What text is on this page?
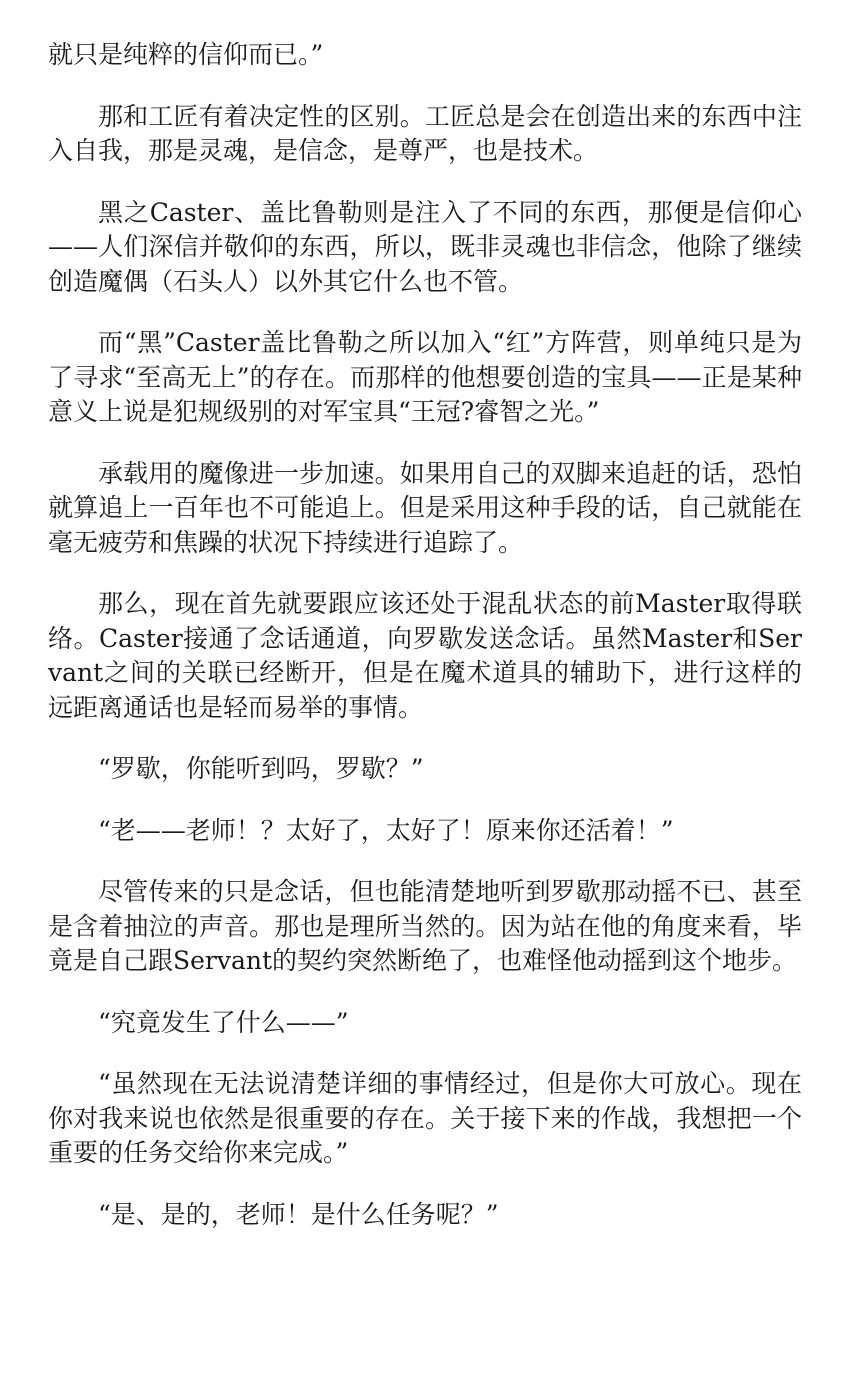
就只是纯粹的信仰而已。”

那和工匠有着决定性的区别。工匠总是会在创造出来的东西中注入自我，那是灵魂，是信念，是尊严，也是技术。

黑之Caster、盖比鲁勒则是注入了不同的东西，那便是信仰心——人们深信并敬仰的东西，所以，既非灵魂也非信念，他除了继续创造魔偶（石头人）以外其它什么也不管。

而“黑”Caster盖比鲁勒之所以加入“红”方阵营，则单纯只是为了寻求“至高无上”的存在。而那样的他想要创造的宝具——正是某种意义上说是犯规级别的对军宝具“王冠?睿智之光。”

承载用的魔像进一步加速。如果用自己的双脚来追赶的话，恐怕就算追上一百年也不可能追上。但是采用这种手段的话，自己就能在毫无疲劳和焦躁的状况下持续进行追踪了。

那么，现在首先就要跟应该还处于混乱状态的前Master取得联络。Caster接通了念话通道，向罗歇发送念话。虽然Master和Servant之间的关联已经断开，但是在魔术道具的辅助下，进行这样的远距离通话也是轻而易举的事情。

“罗歇，你能听到吗，罗歇？”

“老——老师！？太好了，太好了！原来你还活着！”

尽管传来的只是念话，但也能清楚地听到罗歇那动摇不已、甚至是含着抽泣的声音。那也是理所当然的。因为站在他的角度来看，毕竟是自己跟Servant的契约突然断绝了，也难怪他动摇到这个地步。

“究竟发生了什么——”

“虽然现在无法说清楚详细的事情经过，但是你大可放心。现在你对我来说也依然是很重要的存在。关于接下来的作战，我想把一个重要的任务交给你来完成。”

“是、是的，老师！是什么任务呢？”
